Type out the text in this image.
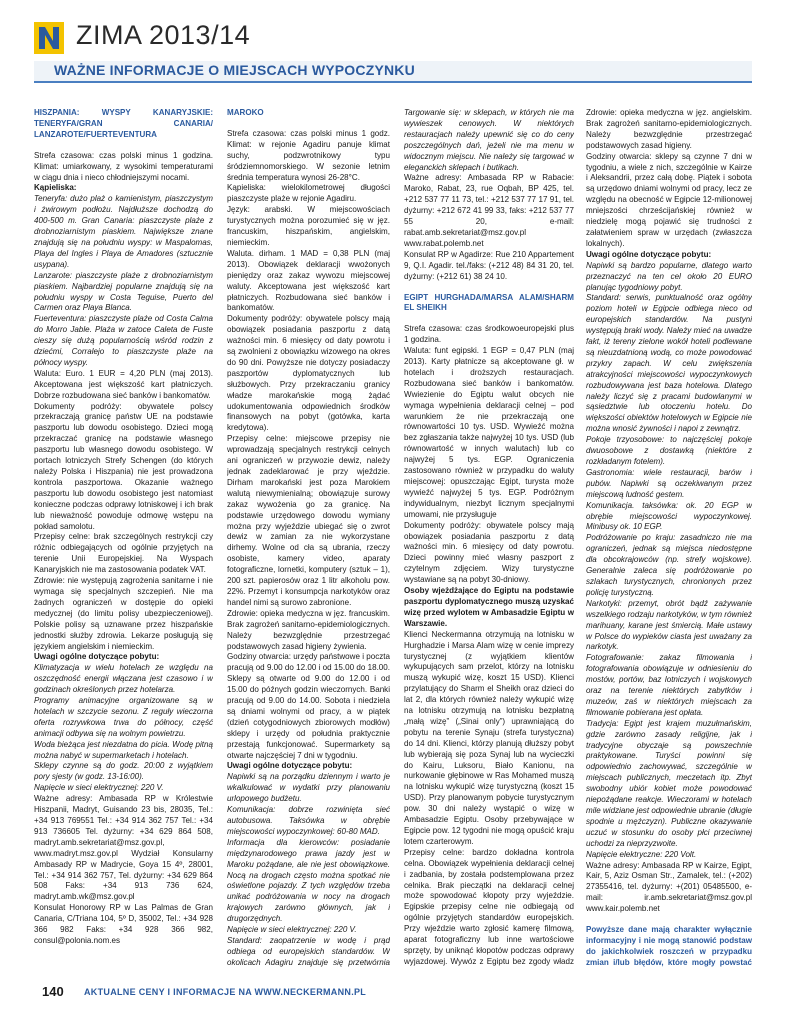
ZIMA 2013/14
WAŻNE INFORMACJE O MIEJSCACH WYPOCZYNKU

HISZPANIA: WYSPY KANARYJSKIE: TENERYFA/GRAN CANARIA/ LANZAROTE/FUERTEVENTURA

Strefa czasowa: czas polski minus 1 godzina. Klimat: umiarkowany, z wysokimi temperaturami w ciągu dnia i nieco chłodniejszymi nocami.

Kąpieliska:

Teneryfa: dużo plaż o kamienistym, piaszczystym i żwirowym podłożu. Najdłuższe dochodzą do 400-500 m. Gran Canaria: piaszczyste plaże z drobnoziarnistym piaskiem. Największe znane znajdują się na południu wyspy: w Maspalomas, Playa del Ingles i Playa de Amadores (sztucznie usypana).

Lanzarote: piaszczyste plaże z drobnoziarnistym piaskiem. Najbardziej popularne znajdują się na południu wyspy w Costa Teguise, Puerto del Carmen oraz Playa Blanca.

Fuerteventura: piaszczyste plaże od Costa Calma do Morro Jable. Plaża w zatoce Caleta de Fuste cieszy się dużą popularnością wśród rodzin z dziećmi, Corralejo to piaszczyste plaże na północy wyspy.

Waluta: Euro. 1 EUR = 4,20 PLN (maj 2013). Akceptowana jest większość kart płatniczych. Dobrze rozbudowana sieć banków i bankomatów.

Dokumenty podróży: obywatele polscy przekraczają granicę państw UE na podstawie paszportu lub dowodu osobistego. Dzieci mogą przekraczać granicę na podstawie własnego paszportu lub własnego dowodu osobistego. W portach lotniczych Strefy Schengen (do których należy Polska i Hiszpania) nie jest prowadzona kontrola paszportowa. Okazanie ważnego paszportu lub dowodu osobistego jest natomiast konieczne podczas odprawy lotniskowej i ich brak lub nieważność powoduje odmowę wstępu na pokład samolotu.

Przepisy celne: brak szczególnych restrykcji czy różnic odbiegających od ogólnie przyjętych na terenie Unii Europejskiej. Na Wyspach Kanaryjskich nie ma zastosowania podatek VAT.

Zdrowie: nie występują zagrożenia sanitarne i nie wymaga się specjalnych szczepień. Nie ma żadnych ograniczeń w dostępie do opieki medycznej (do limitu polisy ubezpieczeniowej). Polskie polisy są uznawane przez hiszpańskie jednostki służby zdrowia. Lekarze posługują się językiem angielskim i niemieckim.

Uwagi ogólne dotyczące pobytu:

Klimatyzacja w wielu hotelach ze względu na oszczędność energii włączana jest czasowo i w godzinach określonych przez hotelarza.

Programy animacyjne organizowane są w hotelach w szczycie sezonu. Z reguły wieczorna oferta rozrywkowa trwa do północy, część animacji odbywa się na wolnym powietrzu.

Woda bieżąca jest niezdatna do picia. Wodę pitną można nabyć w supermarketach i hotelach.

Sklepy czynne są do godz. 20:00 z wyjątkiem pory sjesty (w godz. 13-16:00).

Napięcie w sieci elektrycznej: 220 V.

Ważne adresy: Ambasada RP w Królestwie Hiszpanii, Madryt, Guisando 23 bis, 28035, Tel.: +34 913 769551 Tel.: +34 914 362 757 Tel.: +34 913 736605 Tel. dyżurny: +34 629 864 508, madryt.amb.sekretariat@msz.gov.pl, www.madryt.msz.gov.pl Wydział Konsularny Ambasady RP w Madrycie, Goya 15 4º, 28001, Tel.: +34 914 362 757, Tel. dyżurny: +34 629 864 508 Faks: +34 913 736 624, madryt.amb.wk@msz.gov.pl

Konsulat Honorowy RP w Las Palmas de Gran Canaria, C/Triana 104, 5º D, 35002, Tel.: +34 928 366 982 Faks: +34 928 366 982, consul@polonia.nom.es

MAROKO

Strefa czasowa: czas polski minus 1 godz. Klimat: w rejonie Agadiru panuje klimat suchy, podzwrotnikowy typu śródziemnomorskiego. W sezonie letnim średnia temperatura wynosi 26-28°C.

Kąpieliska: wielokilometrowej długości piaszczyste plaże w rejonie Agadiru.

Język: arabski. W miejscowościach turystycznych można porozumieć się w jęz. francuskim, hiszpańskim, angielskim, niemieckim.

Waluta. dirham. 1 MAD = 0,38 PLN (maj 2013). Obowiązek deklaracji wwożonych pieniędzy oraz zakaz wywozu miejscowej waluty. Akceptowana jest większość kart płatniczych. Rozbudowana sieć banków i bankomatów.

Dokumenty podróży: obywatele polscy mają obowiązek posiadania paszportu z datą ważności min. 6 miesięcy od daty powrotu i są zwolnieni z obowiązku wizowego na okres do 90 dni. Powyższe nie dotyczy posiadaczy paszportów dyplomatycznych lub służbowych. Przy przekraczaniu granicy władze marokańskie mogą żądać udokumentowania odpowiednich środków finansowych na pobyt (gotówka, karta kredytowa).

Przepisy celne: miejscowe przepisy nie wprowadzają specjalnych restrykcji celnych ani ograniczeń w przywozie dewiz, należy jednak zadeklarować je przy wjeździe. Dirham marokański jest poza Marokiem walutą niewymienialną; obowiązuje surowy zakaz wywożenia go za granicę. Na podstawie urzędowego dowodu wymiany można przy wyjeździe ubiegać się o zwrot dewiz w zamian za nie wykorzystane dirhemy. Wolne od cła są ubrania, rzeczy osobiste, kamery video, aparaty fotograficzne, lornetki, komputery (sztuk – 1), 200 szt. papierosów oraz 1 litr alkoholu pow. 22%. Przemyt i konsumpcja narkotyków oraz handel nimi są surowo zabronione.

Zdrowie: opieka medyczna w jęz. francuskim. Brak zagrożeń sanitarno-epidemiologicznych. Należy bezwzględnie przestrzegać podstawowych zasad higieny żywienia.

Godziny otwarcia: urzędy państwowe i poczta pracują od 9.00 do 12.00 i od 15.00 do 18.00. Sklepy są otwarte od 9.00 do 12.00 i od 15.00 do późnych godzin wieczornych. Banki pracują od 9.00 do 14.00. Sobota i niedziela są dniami wolnymi od pracy, a w piątek (dzień cotygodniowych zbiorowych modłów) sklepy i urzędy od południa praktycznie przestają funkcjonować. Supermarkety są otwarte najczęściej 7 dni w tygodniu.

Uwagi ogólne dotyczące pobytu:

Napiwki są na porządku dziennym i warto je wkalkulować w wydatki przy planowaniu urlopowego budżetu.

Komunikacja: dobrze rozwinięta sieć autobusowa. Taksówka w obrębie miejscowości wypoczynkowej: 60-80 MAD.

Informacja dla kierowców: posiadanie międzynarodowego prawa jazdy jest w Maroku pożądane, ale nie jest obowiązkowe. Nocą na drogach często można spotkać nie oświetlone pojazdy. Z tych względów trzeba unikać podróżowania w nocy na drogach krajowych zarówno głównych, jak i drugorzędnych.

Napięcie w sieci elektrycznej: 220 V.

Standard: zaopatrzenie w wodę i prąd odbiega od europejskich standardów. W okolicach Adagiru znajduje się przetwórnia

Targowanie się: w sklepach, w których nie ma wywieszek cenowych. W niektórych restauracjach należy upewnić się co do ceny poszczególnych dań, jeżeli nie ma menu w widocznym miejscu. Nie należy się targować w eleganckich sklepach i butikach.

Ważne adresy: Ambasada RP w Rabacie: Maroko, Rabat, 23, rue Oqbah, BP 425, tel. +212 537 77 11 73, tel.: +212 537 77 17 91, tel. dyżurny: +212 672 41 99 33, faks: +212 537 77 55 20, e-mail: rabat.amb.sekretariat@msz.gov.pl www.rabat.polemb.net

Konsulat RP w Agadirze: Rue 210 Appartement 9, Q.I. Agadir. tel./faks: (+212 48) 84 31 20, tel. dyżurny: (+212 61) 38 24 10.

EGIPT HURGHADA/MARSA ALAM/SHARM EL SHEIKH

Strefa czasowa: czas środkowoeuropejski plus 1 godzina.

Waluta: funt egipski. 1 EGP = 0,47 PLN (maj 2013). Karty płatnicze są akceptowane gł. w hotelach i droższych restauracjach. Rozbudowana sieć banków i bankomatów. Wwiezienie do Egiptu walut obcych nie wymaga wypełnienia deklaracji celnej – pod warunkiem że nie przekraczają one równowartości 10 tys. USD. Wywieźć można bez zgłaszania także najwyżej 10 tys. USD (lub równowartość w innych walutach) lub co najwyżej 5 tys. EGP. Ograniczenia zastosowano również w przypadku do waluty miejscowej: opuszczając Egipt, turysta może wywieźć najwyżej 5 tys. EGP. Podróżnym indywidualnym, niezbyt licznym specjalnymi umowami, nie przysługuje

Dokumenty podróży: obywatele polscy mają obowiązek posiadania paszportu z datą ważności min. 6 miesięcy od daty powrotu. Dzieci powinny mieć własny paszport z czytelnym zdjęciem. Wizy turystyczne wystawiane są na pobyt 30-dniowy.

Osoby wjeżdżające do Egiptu na podstawie paszportu dyplomatycznego muszą uzyskać wizę przed wylotem w Ambasadzie Egiptu w Warszawie.

Klienci Neckermanna otrzymują na lotnisku w Hurghadzie i Marsa Alam wizę w cenie imprezy turystycznej (z wyjątkiem klientów wykupujących sam przelot, którzy na lotnisku muszą wykupić wizę, koszt 15 USD). Klienci przylatujący do Sharm el Sheikh oraz dzieci do lat 2, dla których również należy wykupić wizę na lotnisku otrzymują na lotnisku bezpłatną „małą wizę” („Sinai only”) uprawniającą do pobytu na terenie Synaju (strefa turystyczna) do 14 dni. Klienci, którzy planują dłuższy pobyt lub wybierają się poza Synaj lub na wycieczki do Kairu, Luksoru, Biało Kanionu, na nurkowanie głębinowe w Ras Mohamed muszą na lotnisku wykupić wizę turystyczną (koszt 15 USD). Przy planowanym pobycie turystycznym pow. 30 dni należy wystąpić o wizę w Ambasadzie Egiptu. Osoby przebywające w Egipcie pow. 12 tygodni nie mogą opuścić kraju lotem czarterowym.

Przepisy celne: bardzo dokładna kontrola celna. Obowiązek wypełnienia deklaracji celnej i zadbania, by została podstemplowana przez celnika. Brak pieczątki na deklaracji celnej może spowodować kłopoty przy wyjeździe. Egipskie przepisy celne nie odbiegają od ogólnie przyjętych standardów europejskich. Przy wjeździe warto zgłosić kamerę filmową, aparat fotograficzny lub inne wartościowe sprzęty, by uniknąć kłopotów podczas odprawy wyjazdowej. Wywóz z Egiptu bez zgody władz

Zdrowie: opieka medyczna w jęz. angielskim. Brak zagrożeń sanitarno-epidemiologicznych. Należy bezwzględnie przestrzegać podstawowych zasad higieny.

Godziny otwarcia: sklepy są czynne 7 dni w tygodniu, a wiele z nich, szczególnie w Kairze i Aleksandrii, przez całą dobę. Piątek i sobota są urzędowo dniami wolnymi od pracy, lecz ze względu na obecność w Egipcie 12-milionowej mniejszości chrześcijańskiej również w niedzielę mogą pojawić się trudności z załatwieniem spraw w urzędach (zwłaszcza lokalnych).

Uwagi ogólne dotyczące pobytu:

Napiwki są bardzo popularne, dlatego warto przeznaczyć na ten cel około 20 EURO planując tygodniowy pobyt.

Standard: serwis, punktualność oraz ogólny poziom hoteli w Egipcie odbiega nieco od europejskich standardów. Na pustyni występują braki wody. Należy mieć na uwadze fakt, iż tereny zielone wokół hoteli podlewane są nieuzdatnioną wodą, co może powodować przykry zapach. W celu zwiększenia atrakcyjności miejscowości wypoczynkowych rozbudowywana jest baza hotelowa. Dlatego należy liczyć się z pracami budowlanymi w sąsiedztwie lub otoczeniu hotelu. Do większości obiektów hotelowych w Egipcie nie można wnosić żywności i napoi z zewnątrz.

Pokoje trzyosobowe: to najczęściej pokoje dwuosobowe z dostawką (niektóre z rozkładanym fotelem).

Gastronomia: wiele restauracji, barów i pubów. Napiwki są oczekiwanym przez miejscową ludność gestem.

Komunikacja. taksówka: ok. 20 EGP w obrębie miejscowości wypoczynkowej. Minibusy ok. 10 EGP.

Podróżowanie po kraju: zasadniczo nie ma ograniczeń, jednak są miejsca niedostępne dla obcokrajowców (np. strefy wojskowe). Generalnie zaleca się podróżowanie po szlakach turystycznych, chronionych przez policję turystyczną.

Narkotyki: przemyt, obrót bądź zażywanie wszelkiego rodzaju narkotyków, w tym również marihuany, karane jest śmiercią. Małe ustawy w Polsce do wypieków ciasta jest uważany za narkotyk.

Fotografowanie: zakaz filmowania i fotografowania obowiązuje w odniesieniu do mostów, portów, baz lotniczych i wojskowych oraz na terenie niektórych zabytków i muzeów, zaś w niektórych miejscach za filmowanie pobierana jest opłata.

Tradycja: Egipt jest krajem muzułmańskim, gdzie zarówno zasady religijne, jak i tradycyjne obyczaje są powszechnie praktykowane. Turyści powinni się odpowiednio zachowywać, szczególnie w miejscach publicznych, meczetach itp. Zbyt swobodny ubiór kobiet może powodować niepożądane reakcje. Wieczorami w hotelach mile widziane jest odpowiednie ubranie (długie spodnie u mężczyzn). Publiczne okazywanie uczuć w stosunku do osoby płci przeciwnej uchodzi za nieprzyzwoite.

Napięcie elektryczne: 220 Volt.

Ważne adresy: Ambasada RP w Kairze, Egipt, Kair, 5, Aziz Osman Str., Zamalek, tel.: (+202) 27355416, tel. dyżurny: +(201) 05485500, e-mail: ir.amb.sekretariat@msz.gov.pl www.kair.polemb.net

Powyższe dane mają charakter wyłącznie informacyjny i nie mogą stanowić podstaw do jakichkolwiek roszczeń w przypadku zmian i/lub błędów, które mogły powstać

140 AKTUALNE CENY I INFORMACJE NA WWW.NECKERMANN.PL
